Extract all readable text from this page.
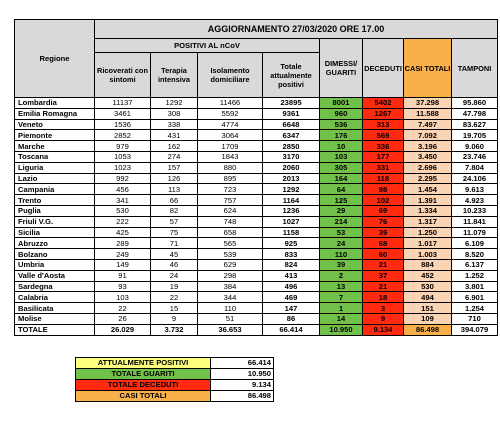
Regione	AGGIORNAMENTO 27/03/2020 ORE 17.00							
	POSITIVI AL nCoV				DIMESSI/ GUARITI	DECEDUTI	CASI TOTALI	TAMPONI
	Ricoverati con sintomi	Terapia intensiva	Isolamento domiciliare	Totale attualmente positivi				
Lombardia	11137	1292	11466	23895	8001	5402	37.298	95.860
Emilia Romagna	3461	308	5592	9361	960	1267	11.588	47.798
Veneto	1536	338	4774	6648	536	313	7.497	83.627
Piemonte	2852	431	3064	6347	176	569	7.092	19.705
Marche	979	162	1709	2850	10	336	3.196	9.060
Toscana	1053	274	1843	3170	103	177	3.450	23.746
Liguria	1023	157	880	2060	305	331	2.696	7.804
Lazio	992	126	895	2013	164	118	2.295	24.106
Campania	456	113	723	1292	64	98	1.454	9.613
Trento	341	66	757	1164	125	102	1.391	4.923
Puglia	530	82	624	1236	29	69	1.334	10.233
Friuli V.G.	222	57	748	1027	214	76	1.317	11.841
Sicilia	425	75	658	1158	53	39	1.250	11.079
Abruzzo	289	71	565	925	24	68	1.017	6.109
Bolzano	249	45	539	833	110	60	1.003	8.520
Umbria	149	46	629	824	39	21	884	6.137
Valle d'Aosta	91	24	298	413	2	37	452	1.252
Sardegna	93	19	384	496	13	21	530	3.801
Calabria	103	22	344	469	7	18	494	6.901
Basilicata	22	15	110	147	1	3	151	1.254
Molise	26	9	51	86	14	9	109	710
TOTALE	26.029	3.732	36.653	66.414	10.950	9.134	86.498	394.079
ATTUALMENTE POSITIVI	66.414
TOTALE GUARITI	10.950
TOTALE DECEDUTI	9.134
CASI TOTALI	86.498
